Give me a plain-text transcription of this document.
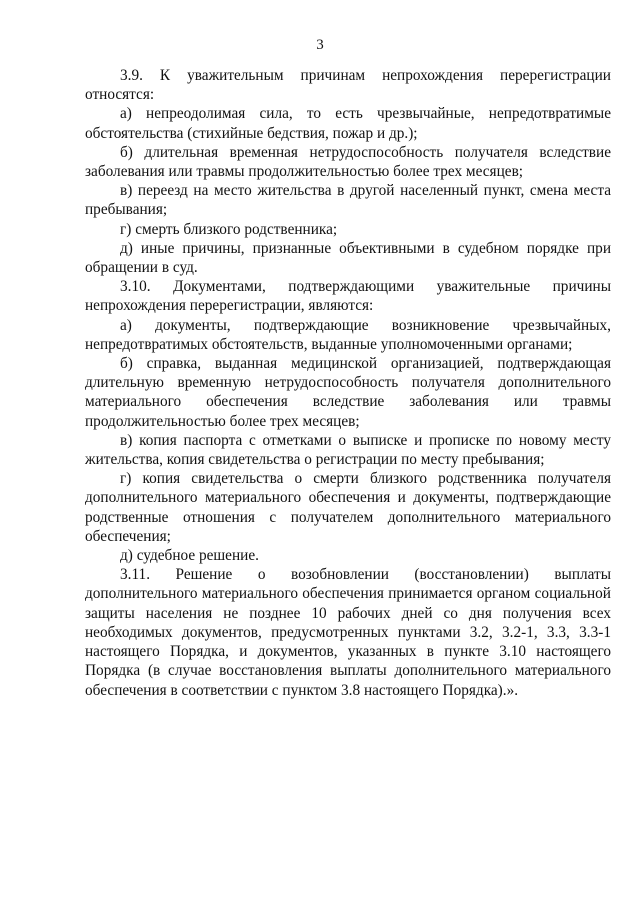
3

3.9. К уважительным причинам непрохождения перерегистрации относятся:

а) непреодолимая сила, то есть чрезвычайные, непредотвратимые обстоятельства (стихийные бедствия, пожар и др.);

б) длительная временная нетрудоспособность получателя вследствие заболевания или травмы продолжительностью более трех месяцев;

в) переезд на место жительства в другой населенный пункт, смена места пребывания;

г) смерть близкого родственника;

д) иные причины, признанные объективными в судебном порядке при обращении в суд.

3.10. Документами, подтверждающими уважительные причины непрохождения перерегистрации, являются:

а) документы, подтверждающие возникновение чрезвычайных, непредотвратимых обстоятельств, выданные уполномоченными органами;

б) справка, выданная медицинской организацией, подтверждающая длительную временную нетрудоспособность получателя дополнительного материального обеспечения вследствие заболевания или травмы продолжительностью более трех месяцев;

в) копия паспорта с отметками о выписке и прописке по новому месту жительства, копия свидетельства о регистрации по месту пребывания;

г) копия свидетельства о смерти близкого родственника получателя дополнительного материального обеспечения и документы, подтверждающие родственные отношения с получателем дополнительного материального обеспечения;

д) судебное решение.

3.11. Решение о возобновлении (восстановлении) выплаты дополнительного материального обеспечения принимается органом социальной защиты населения не позднее 10 рабочих дней со дня получения всех необходимых документов, предусмотренных пунктами 3.2, 3.2-1, 3.3, 3.3-1 настоящего Порядка, и документов, указанных в пункте 3.10 настоящего Порядка (в случае восстановления выплаты дополнительного материального обеспечения в соответствии с пунктом 3.8 настоящего Порядка).».
